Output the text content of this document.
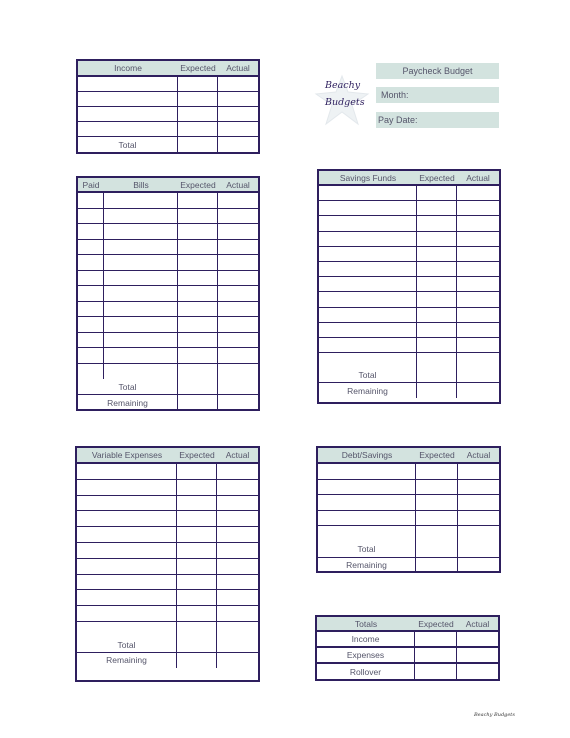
Beachy
Budgets
Paycheck Budget
Month:
Pay Date:
Income	Expected	Actual
Total
Paid	Bills	Expected	Actual
Total
Remaining
Savings Funds	Expected	Actual
Total
Remaining
Variable Expenses	Expected	Actual
Total
Remaining
Debt/Savings	Expected	Actual
Total
Remaining
Totals	Expected	Actual
Income
Expenses
Rollover
Beachy Budgets
